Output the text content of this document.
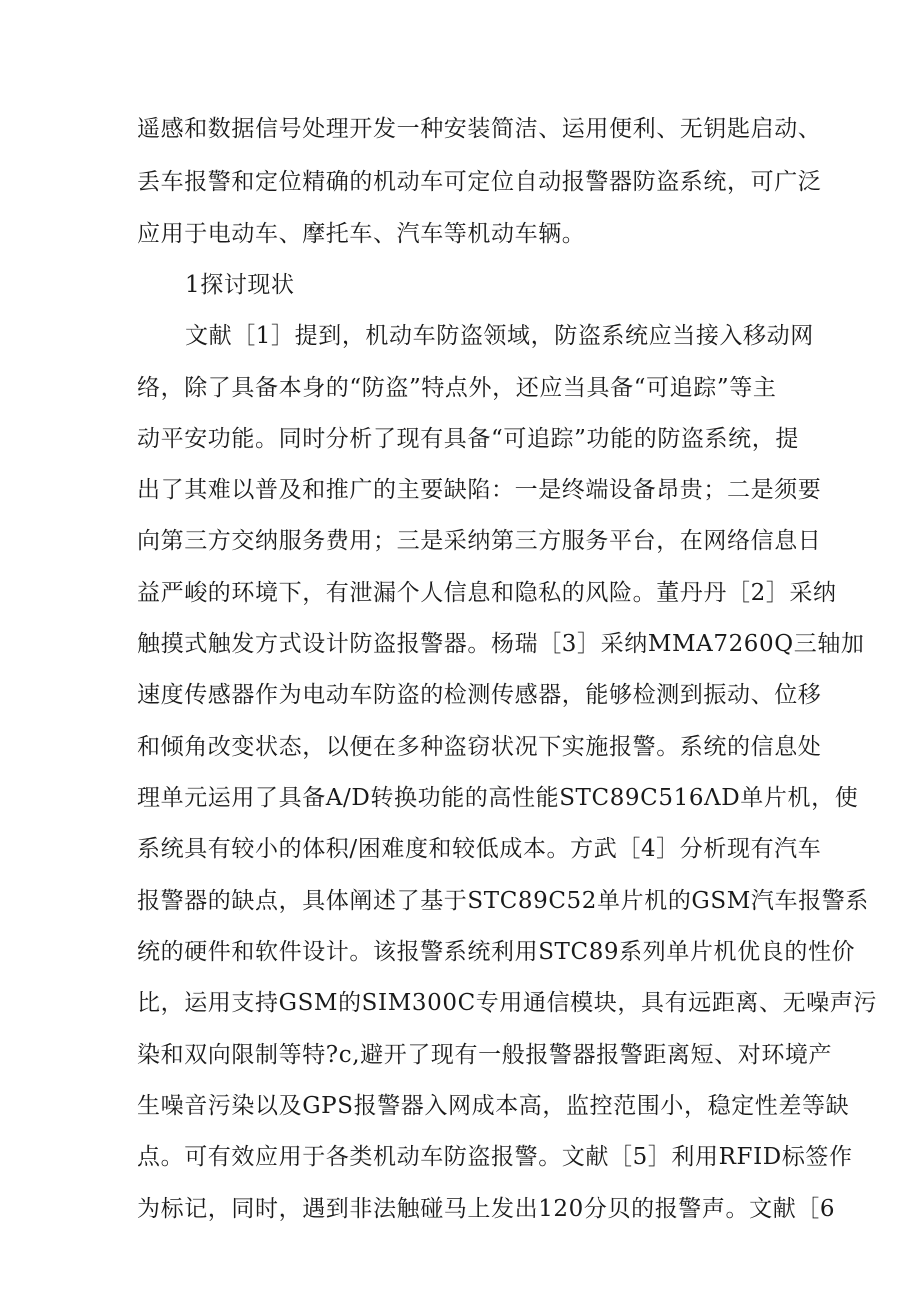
遥感和数据信号处理开发一种安装简洁、运用便利、无钥匙启动、
丢车报警和定位精确的机动车可定位自动报警器防盗系统，可广泛
应用于电动车、摩托车、汽车等机动车辆。
1探讨现状
文献［1］提到，机动车防盗领域，防盗系统应当接入移动网
络，除了具备本身的“防盗”特点外，还应当具备“可追踪”等主
动平安功能。同时分析了现有具备“可追踪”功能的防盗系统，提
出了其难以普及和推广的主要缺陷：一是终端设备昂贵；二是须要
向第三方交纳服务费用；三是采纳第三方服务平台，在网络信息日
益严峻的环境下，有泄漏个人信息和隐私的风险。董丹丹［2］采纳
触摸式触发方式设计防盗报警器。杨瑞［3］采纳MMA7260Q三轴加
速度传感器作为电动车防盗的检测传感器，能够检测到振动、位移
和倾角改变状态，以便在多种盗窃状况下实施报警。系统的信息处
理单元运用了具备A/D转换功能的高性能STC89C516ΛD单片机，使
系统具有较小的体积/困难度和较低成本。方武［4］分析现有汽车
报警器的缺点，具体阐述了基于STC89C52单片机的GSM汽车报警系
统的硬件和软件设计。该报警系统利用STC89系列单片机优良的性价
比，运用支持GSM的SIM300C专用通信模块，具有远距离、无噪声污
染和双向限制等特?c,避开了现有一般报警器报警距离短、对环境产
生噪音污染以及GPS报警器入网成本高，监控范围小，稳定性差等缺
点。可有效应用于各类机动车防盗报警。文献［5］利用RFID标签作
为标记，同时，遇到非法触碰马上发出120分贝的报警声。文献［6
